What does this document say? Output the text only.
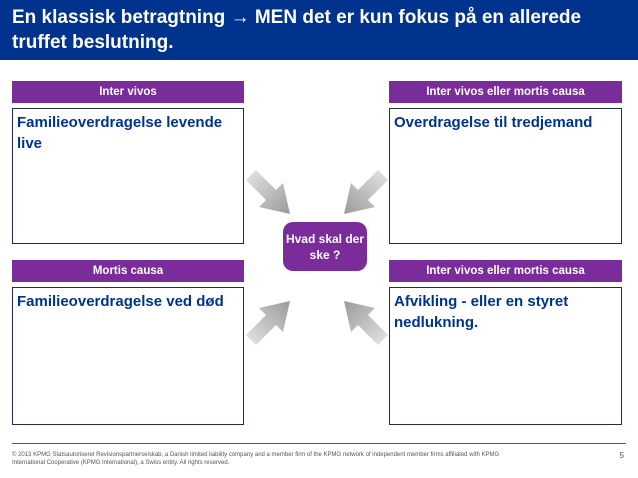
En klassisk betragtning → MEN det er kun fokus på en allerede truffet beslutning.
Inter vivos
Familieoverdragelse levende live
Inter vivos eller mortis causa
Overdragelse til tredjemand
Mortis causa
Familieoverdragelse ved død
Inter vivos eller mortis causa
Afvikling - eller en styret nedlukning.
Hvad skal der ske ?
© 2013 KPMG Statsautoriseret Revisionspartnerselskab, a Danish limited liability company and a member firm of the KPMG network of independent member firms affiliated with KPMG International Cooperative (KPMG International), a Swiss entity. All rights reserved.
5
